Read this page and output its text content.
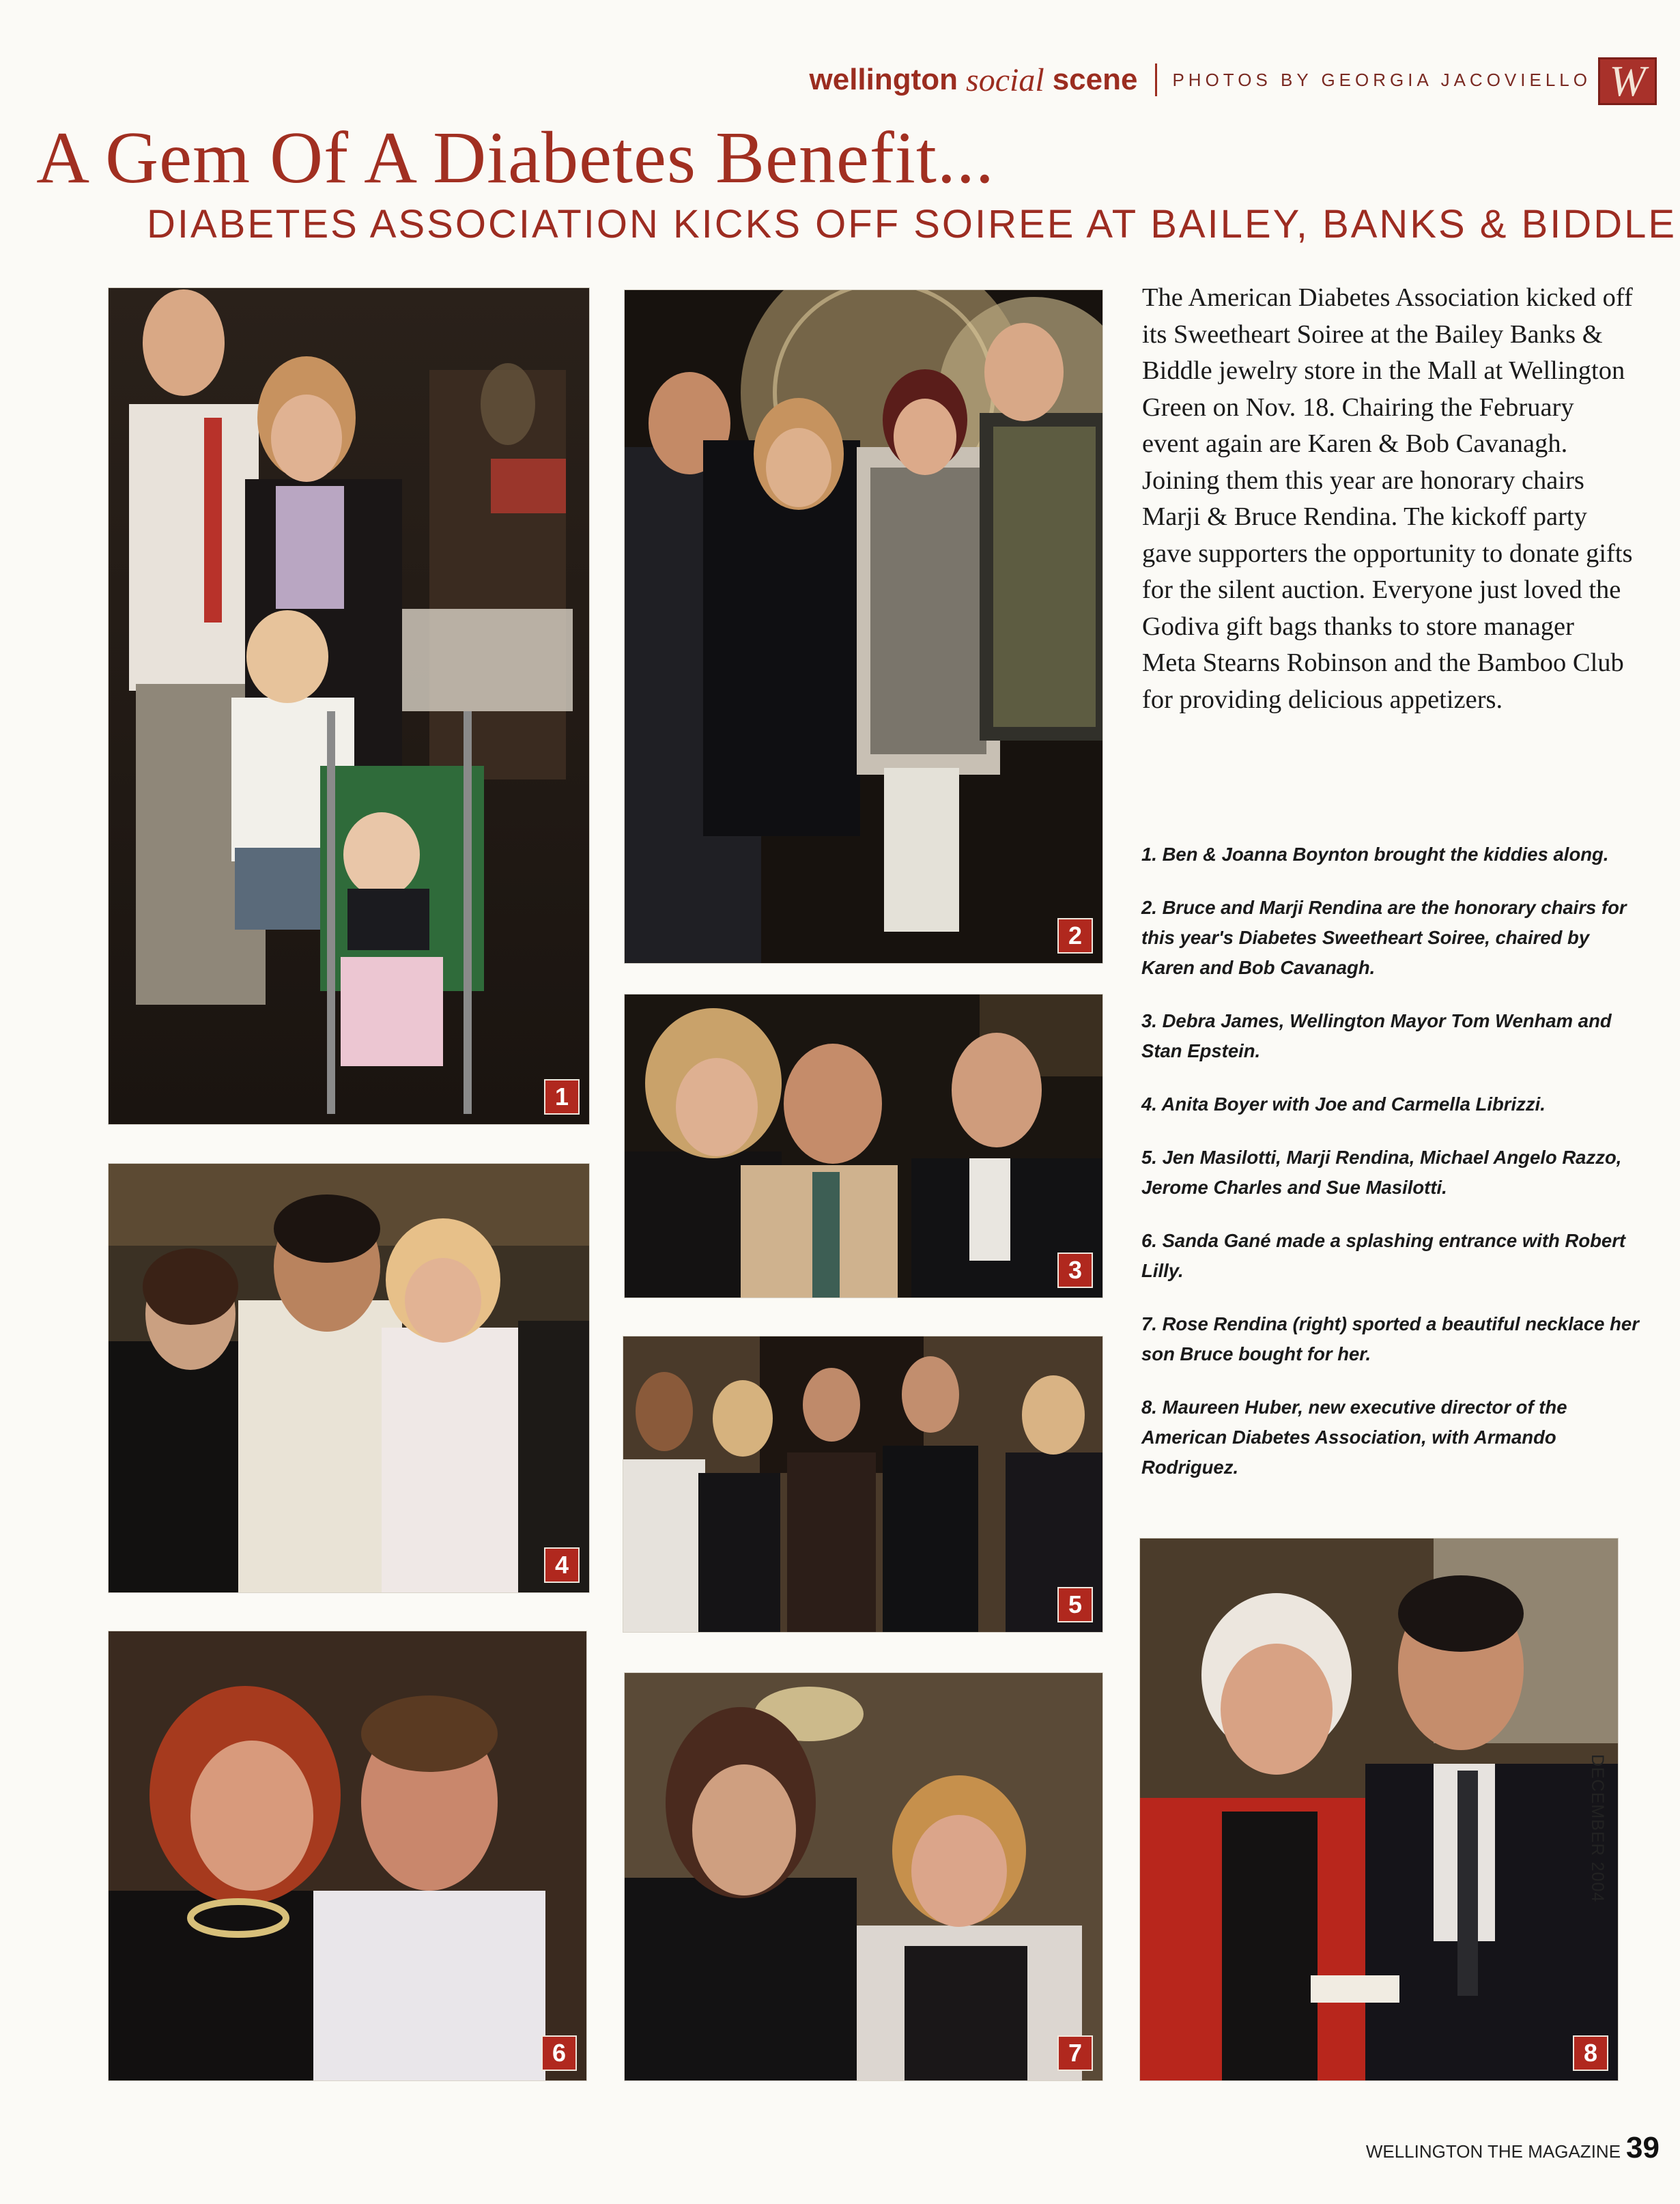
wellington social scene PHOTOS BY GEORGIA JACOVIELLO W
A Gem Of A Diabetes Benefit...
DIABETES ASSOCIATION KICKS OFF SOIREE AT BAILEY, BANKS & BIDDLE
1
2
3
4
5
6	7	8

The American Diabetes Association kicked off its Sweetheart Soiree at the Bailey Banks & Biddle jewelry store in the Mall at Wellington Green on Nov. 18. Chairing the February event again are Karen & Bob Cavanagh. Joining them this year are honorary chairs Marji & Bruce Rendina. The kickoff party gave supporters the opportunity to donate gifts for the silent auction. Everyone just loved the Godiva gift bags thanks to store manager Meta Stearns Robinson and the Bamboo Club for providing delicious appetizers.

1. Ben & Joanna Boynton brought the kiddies along.
2. Bruce and Marji Rendina are the honorary chairs for this year's Diabetes Sweetheart Soiree, chaired by Karen and Bob Cavanagh.
3. Debra James, Wellington Mayor Tom Wenham and Stan Epstein.
4. Anita Boyer with Joe and Carmella Librizzi.
5. Jen Masilotti, Marji Rendina, Michael Angelo Razzo, Jerome Charles and Sue Masilotti.
6. Sanda Gané made a splashing entrance with Robert Lilly.
7. Rose Rendina (right) sported a beautiful necklace her son Bruce bought for her.
8. Maureen Huber, new executive director of the American Diabetes Association, with Armando Rodriguez.
DECEMBER 2004
WELLINGTON THE MAGAZINE 39
